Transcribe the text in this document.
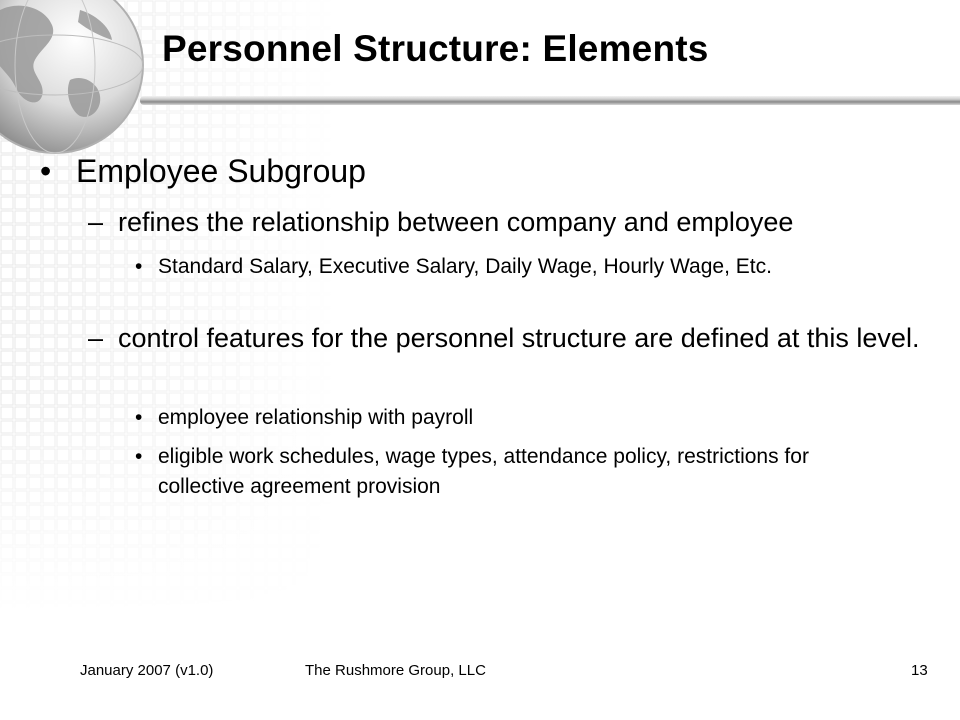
Personnel Structure: Elements
• Employee Subgroup
– refines the relationship between company and employee
• Standard Salary, Executive Salary, Daily Wage, Hourly Wage, Etc.
– control features for the personnel structure are defined at this level.
• employee relationship with payroll
• eligible work schedules, wage types, attendance policy, restrictions for collective agreement provision
January 2007 (v1.0)	The Rushmore Group, LLC	13
